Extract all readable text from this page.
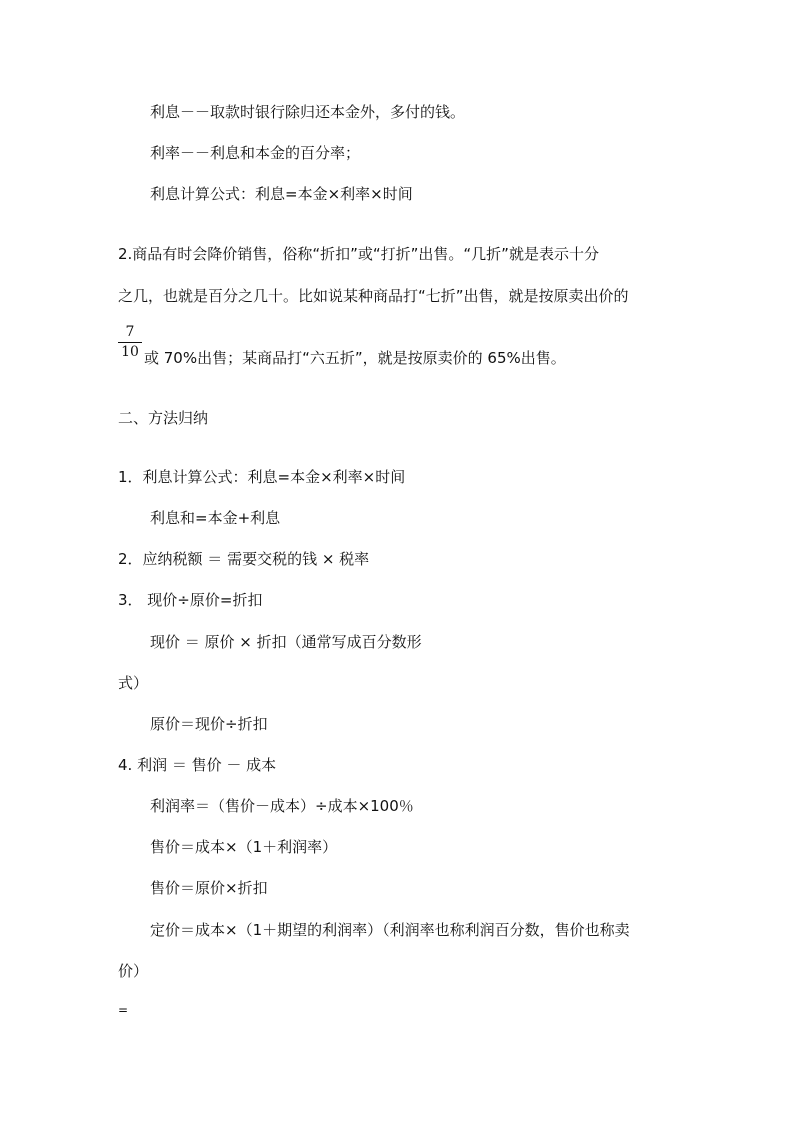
利息－－取款时银行除归还本金外，多付的钱。
利率－－利息和本金的百分率；
利息计算公式：利息=本金×利率×时间
2.商品有时会降价销售，俗称“折扣”或“打折”出售。“几折”就是表示十分
之几，也就是百分之几十。比如说某种商品打“七折”出售，就是按原卖出价的
7
10 或 70%出售；某商品打“六五折”，就是按原卖价的 65%出售。
二、方法归纳
1．利息计算公式：利息=本金×利率×时间
利息和=本金+利息
2．应纳税额 ＝ 需要交税的钱 × 税率
3． 现价÷原价=折扣
现价 ＝ 原价 × 折扣（通常写成百分数形
式）
原价＝现价÷折扣
4. 利润 ＝ 售价 － 成本
利润率＝（售价－成本）÷成本×100％
售价＝成本×（1＋利润率）
售价＝原价×折扣
定价＝成本×（1＋期望的利润率）（利润率也称利润百分数，售价也称卖
价）
=
